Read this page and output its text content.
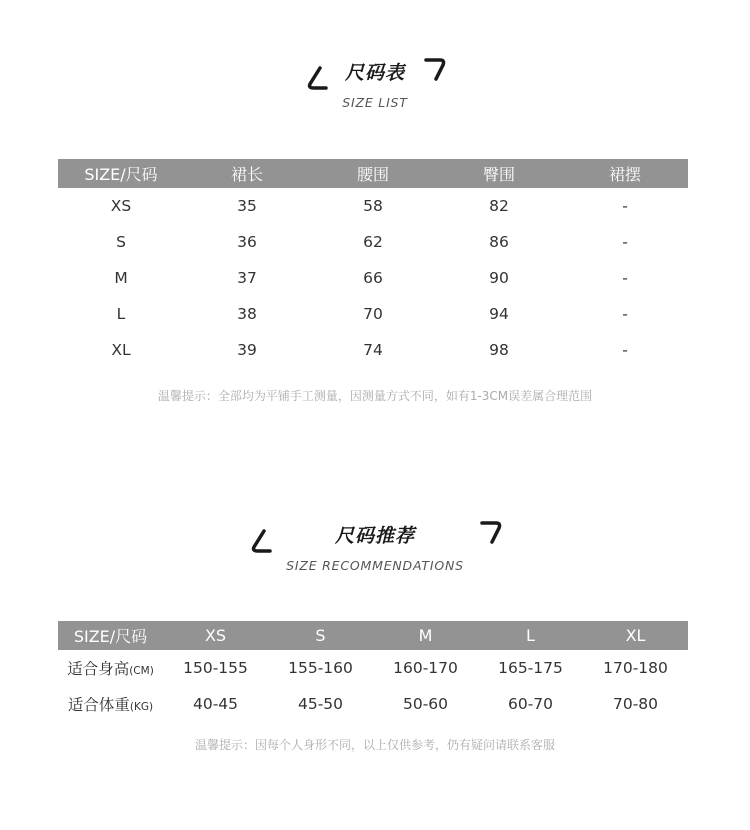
尺码表
SIZE LIST
SIZE/尺码	裙长	腰围	臀围	裙摆
XS	35	58	82	-
S	36	62	86	-
M	37	66	90	-
L	38	70	94	-
XL	39	74	98	-
温馨提示：全部均为平铺手工测量，因测量方式不同，如有1-3CM误差属合理范围
尺码推荐
SIZE RECOMMENDATIONS
SIZE/尺码	XS	S	M	L	XL
适合身高(CM)	150-155	155-160	160-170	165-175	170-180
适合体重(KG)	40-45	45-50	50-60	60-70	70-80
温馨提示：因每个人身形不同，以上仅供参考，仍有疑问请联系客服
